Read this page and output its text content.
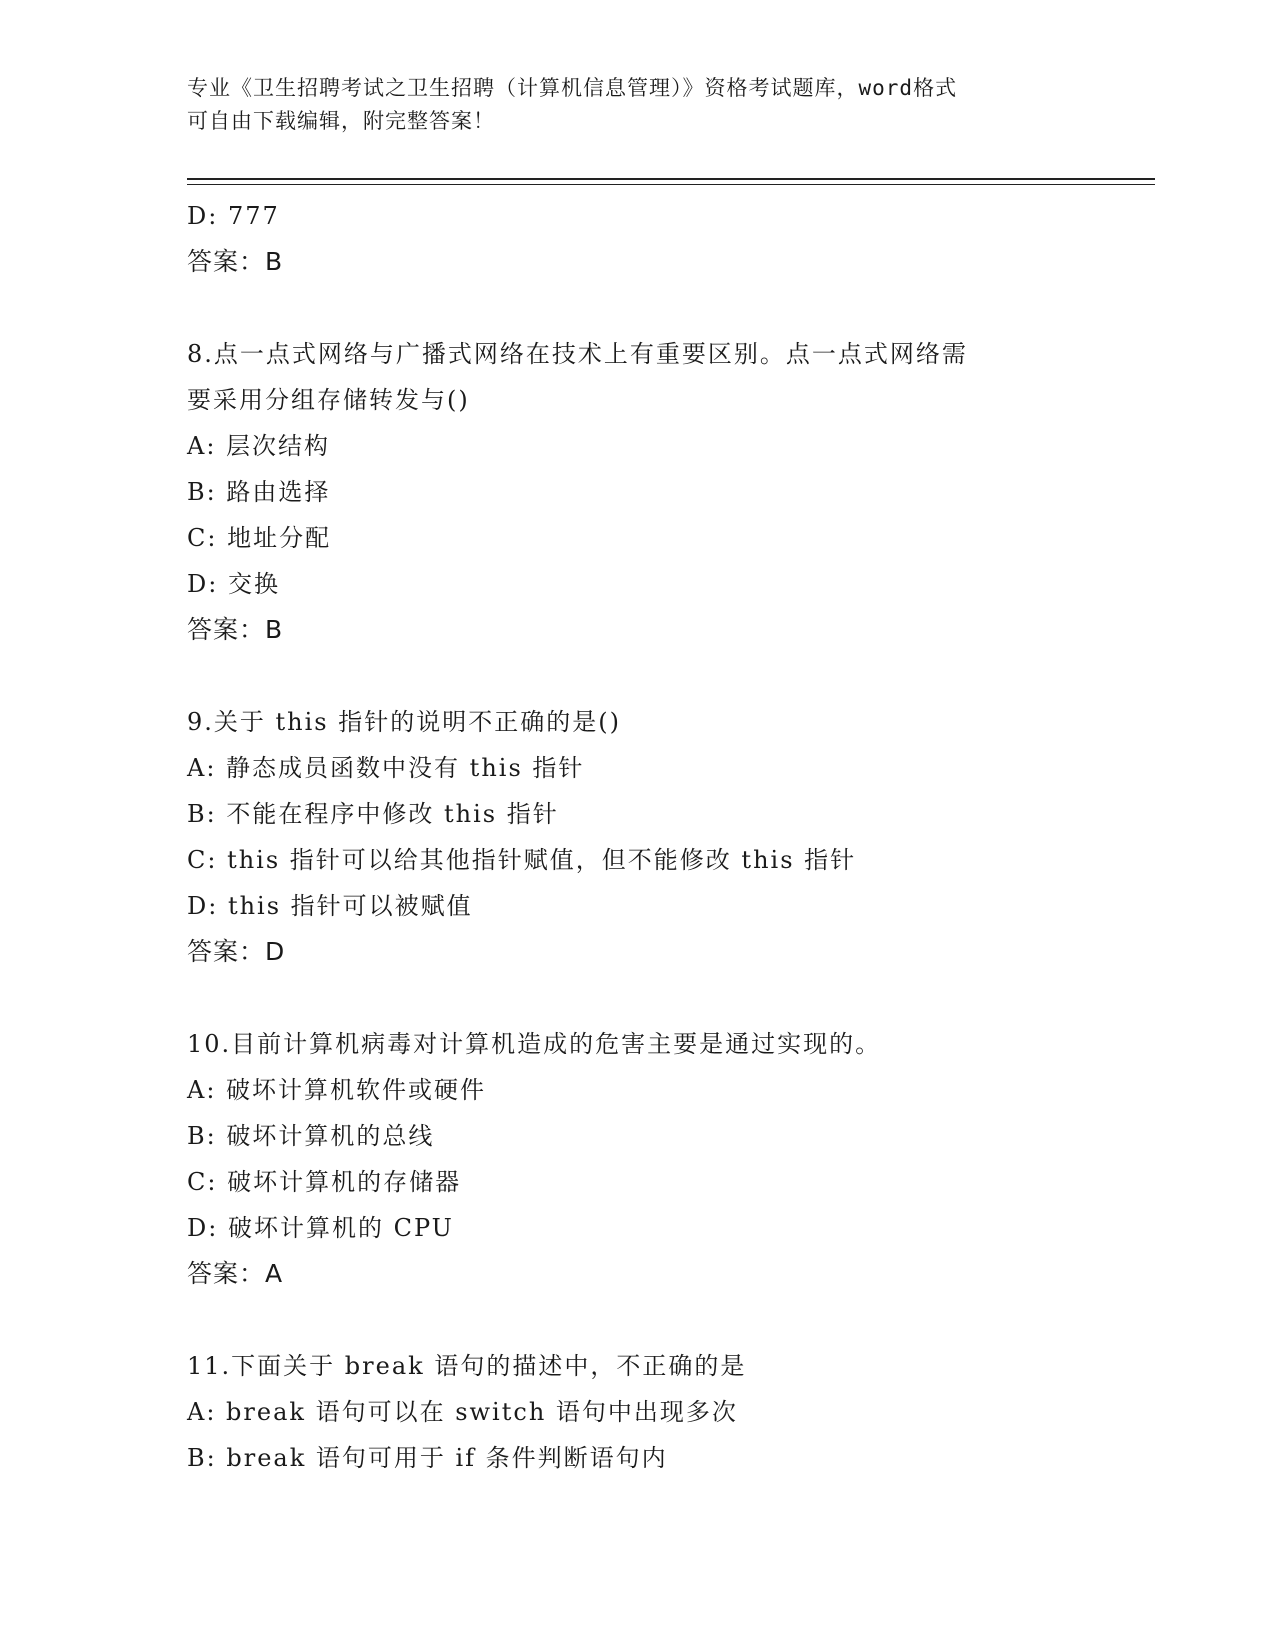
专业《卫生招聘考试之卫生招聘（计算机信息管理）》资格考试题库，word格式
可自由下载编辑，附完整答案！
D: 777
答案：B
8.点一点式网络与广播式网络在技术上有重要区别。点一点式网络需
要采用分组存储转发与()
A: 层次结构
B: 路由选择
C: 地址分配
D: 交换
答案：B
9.关于 this 指针的说明不正确的是()
A: 静态成员函数中没有 this 指针
B: 不能在程序中修改 this 指针
C: this 指针可以给其他指针赋值，但不能修改 this 指针
D: this 指针可以被赋值
答案：D
10.目前计算机病毒对计算机造成的危害主要是通过实现的。
A: 破坏计算机软件或硬件
B: 破坏计算机的总线
C: 破坏计算机的存储器
D: 破坏计算机的 CPU
答案：A
11.下面关于 break 语句的描述中，不正确的是
A: break 语句可以在 switch 语句中出现多次
B: break 语句可用于 if 条件判断语句内
